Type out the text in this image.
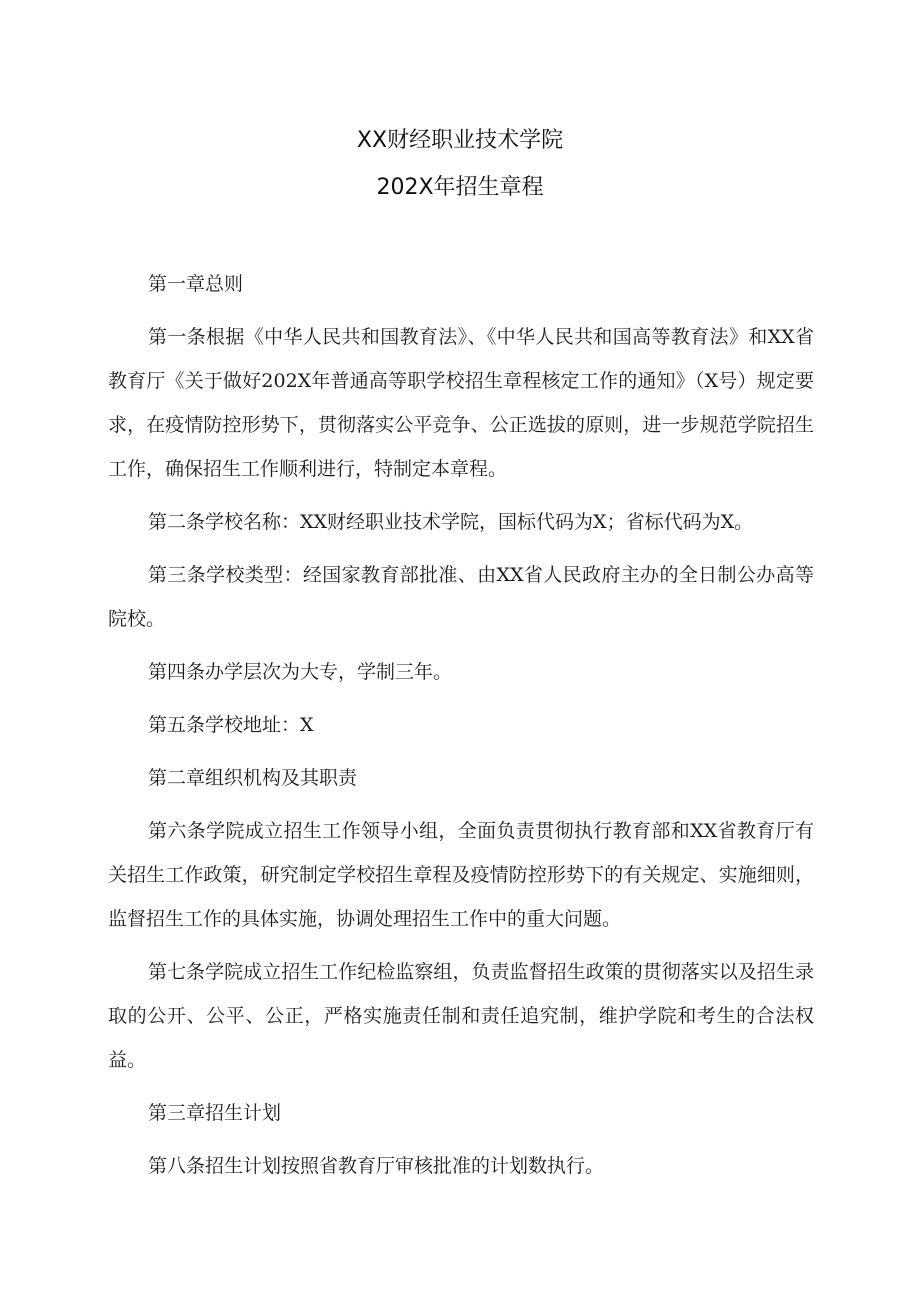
XX财经职业技术学院
202X年招生章程

第一章总则

第一条根据《中华人民共和国教育法》、《中华人民共和国高等教育法》和XX省教育厅《关于做好202X年普通高等职学校招生章程核定工作的通知》（X号）规定要求，在疫情防控形势下，贯彻落实公平竞争、公正选拔的原则，进一步规范学院招生工作，确保招生工作顺利进行，特制定本章程。

第二条学校名称：XX财经职业技术学院，国标代码为X；省标代码为X。

第三条学校类型：经国家教育部批准、由XX省人民政府主办的全日制公办高等院校。

第四条办学层次为大专，学制三年。

第五条学校地址：X

第二章组织机构及其职责

第六条学院成立招生工作领导小组，全面负责贯彻执行教育部和XX省教育厅有关招生工作政策，研究制定学校招生章程及疫情防控形势下的有关规定、实施细则，监督招生工作的具体实施，协调处理招生工作中的重大问题。

第七条学院成立招生工作纪检监察组，负责监督招生政策的贯彻落实以及招生录取的公开、公平、公正，严格实施责任制和责任追究制，维护学院和考生的合法权益。

第三章招生计划

第八条招生计划按照省教育厅审核批准的计划数执行。
